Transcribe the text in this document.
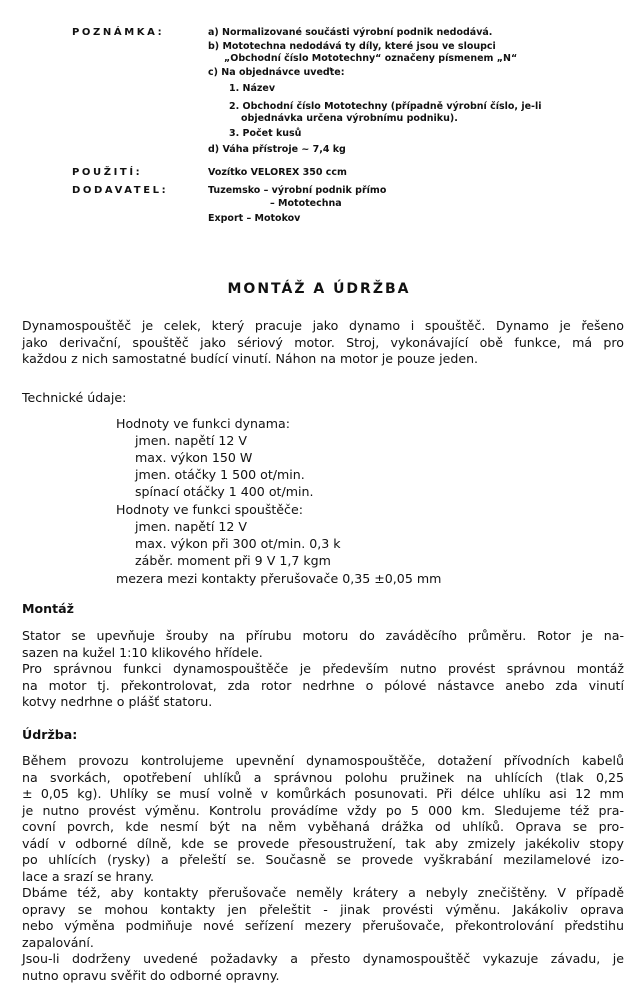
POZNÁMKA:	a) Normalizované součásti výrobní podnik nedodává.
b) Mototechna nedodává ty díly, které jsou ve sloupci
„Obchodní číslo Mototechny“ označeny písmenem „N“
c) Na objednávce uveďte:
1. Název
2. Obchodní číslo Mototechny (případně výrobní číslo, je-li
objednávka určena výrobnímu podniku).
3. Počet kusů
d) Váha přístroje ~ 7,4 kg
POUŽITÍ:	Vozítko VELOREX 350 ccm
DODAVATEL:	Tuzemsko – výrobní podnik přímo
– Mototechna
Export – Motokov
MONTÁŽ A ÚDRŽBA

Dynamospouštěč je celek, který pracuje jako dynamo i spouštěč. Dynamo je řešeno

jako derivační, spouštěč jako sériový motor. Stroj, vykonávající obě funkce, má pro

každou z nich samostatné budící vinutí. Náhon na motor je pouze jeden.

Technické údaje:
Hodnoty ve funkci dynama:
jmen. napětí 12 V
max. výkon 150 W
jmen. otáčky 1 500 ot/min.
spínací otáčky 1 400 ot/min.
Hodnoty ve funkci spouštěče:
jmen. napětí 12 V
max. výkon při 300 ot/min. 0,3 k
záběr. moment při 9 V 1,7 kgm
mezera mezi kontakty přerušovače 0,35 ±0,05 mm
Montáž

Stator se upevňuje šrouby na přírubu motoru do zaváděcího průměru. Rotor je na-

sazen na kužel 1:10 klikového hřídele.

Pro správnou funkci dynamospouštěče je především nutno provést správnou montáž

na motor tj. překontrolovat, zda rotor nedrhne o pólové nástavce anebo zda vinutí

kotvy nedrhne o plášť statoru.

Údržba:

Během provozu kontrolujeme upevnění dynamospouštěče, dotažení přívodních kabelů

na svorkách, opotřebení uhlíků a správnou polohu pružinek na uhlících (tlak 0,25

± 0,05 kg). Uhlíky se musí volně v komůrkách posunovati. Při délce uhlíku asi 12 mm

je nutno provést výměnu. Kontrolu provádíme vždy po 5 000 km. Sledujeme též pra-

covní povrch, kde nesmí být na něm vyběhaná drážka od uhlíků. Oprava se pro-

vádí v odborné dílně, kde se provede přesoustružení, tak aby zmizely jakékoliv stopy

po uhlících (rysky) a přeleští se. Současně se provede vyškrabání mezilamelové izo-

lace a srazí se hrany.

Dbáme též, aby kontakty přerušovače neměly krátery a nebyly znečištěny. V případě

opravy se mohou kontakty jen přeleštit - jinak provésti výměnu. Jakákoliv oprava

nebo výměna podmiňuje nové seřízení mezery přerušovače, překontrolování předstihu

zapalování.

Jsou-li dodrženy uvedené požadavky a přesto dynamospouštěč vykazuje závadu, je

nutno opravu svěřit do odborné opravny.
